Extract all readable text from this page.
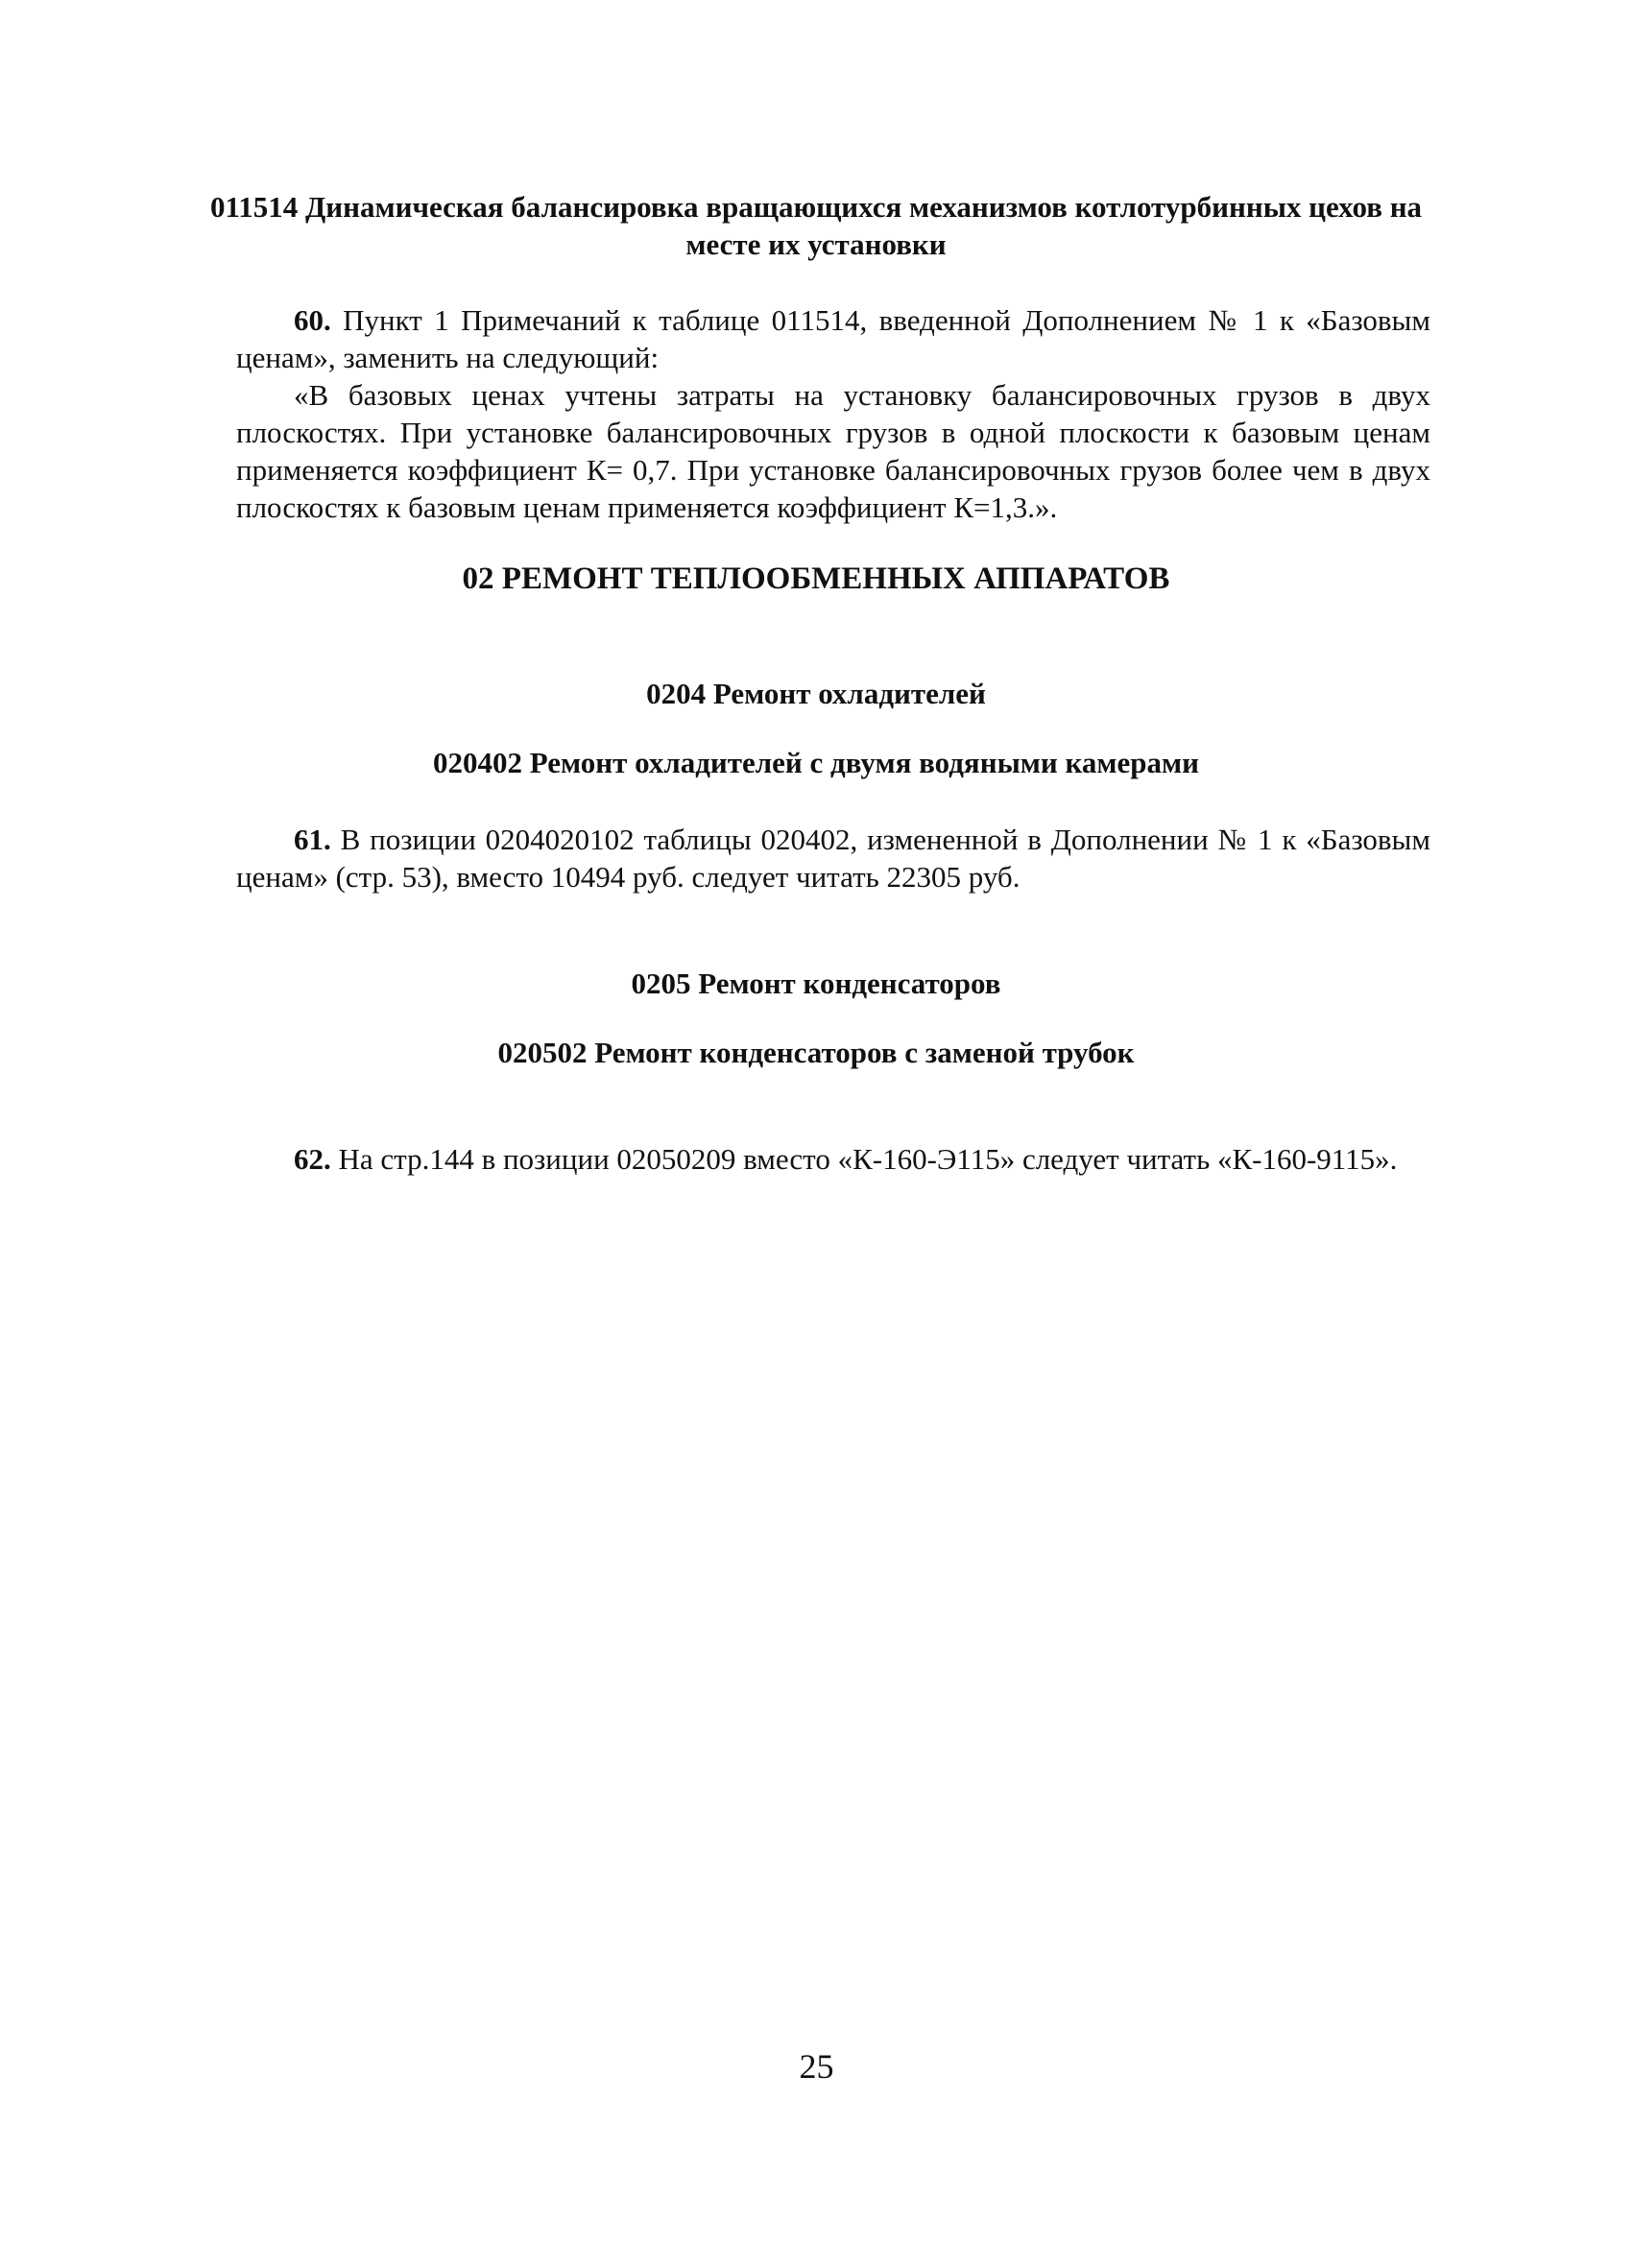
011514 Динамическая балансировка вращающихся механизмов котлотурбинных цехов на месте их установки

60. Пункт 1 Примечаний к таблице 011514, введенной Дополнением № 1 к «Базовым ценам», заменить на следующий:

«В базовых ценах учтены затраты на установку балансировочных грузов в двух плоскостях. При установке балансировочных грузов в одной плоскости к базовым ценам применяется коэффициент К= 0,7. При установке балансировочных грузов более чем в двух плоскостях к базовым ценам применяется коэффициент К=1,3.».

02 РЕМОНТ ТЕПЛООБМЕННЫХ АППАРАТОВ
0204 Ремонт охладителей
020402 Ремонт охладителей с двумя водяными камерами

61. В позиции 0204020102 таблицы 020402, измененной в Дополнении № 1 к «Базовым ценам» (стр. 53), вместо 10494 руб. следует читать 22305 руб.

0205 Ремонт конденсаторов
020502 Ремонт конденсаторов с заменой трубок

62. На стр.144 в позиции 02050209 вместо «К-160-Э115» следует читать «К-160-9115».

25
